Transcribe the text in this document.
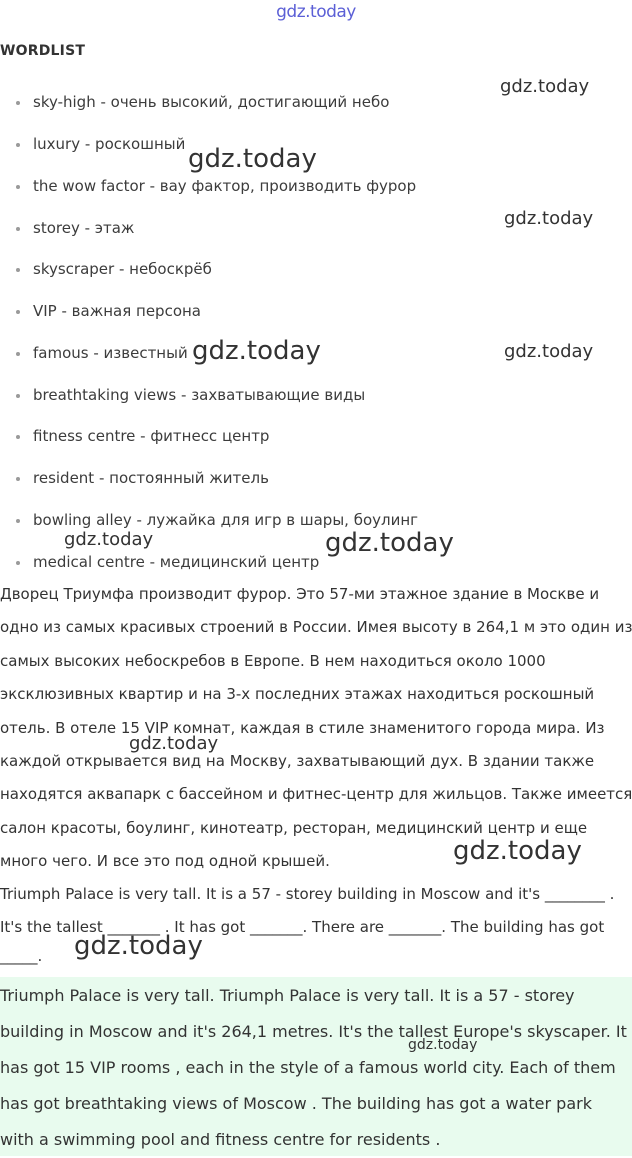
gdz.today
WORDLIST
sky-high - очень высокий, достигающий небо
luxury - роскошный
the wow factor - вау фактор, производить фурор
storey - этаж
skyscraper - небоскрёб
VIP - важная персона
famous - известный
breathtaking views - захватывающие виды
fitness centre - фитнесс центр
resident - постоянный житель
bowling alley - лужайка для игр в шары, боулинг
medical centre - медицинский центр
Дворец Триумфа производит фурор. Это 57-ми этажное здание в Москве и
одно из самых красивых строений в России. Имея высоту в 264,1 м это один из
самых высоких небоскребов в Европе. В нем находиться около 1000
эксклюзивных квартир и на 3-х последних этажах находиться роскошный
отель. В отеле 15 VIP комнат, каждая в стиле знаменитого города мира. Из
каждой открывается вид на Москву, захватывающий дух. В здании также
находятся аквапарк с бассейном и фитнес-центр для жильцов. Также имеется
салон красоты, боулинг, кинотеатр, ресторан, медицинский центр и еще
много чего. И все это под одной крышей.
Triumph Palace is very tall. It is a 57 - storey building in Moscow and it's ________ .
It's the tallest _______ . It has got _______. There are _______. The building has got
_____.

Triumph Palace is very tall. Triumph Palace is very tall. It is a 57 - storey
building in Moscow and it's 264,1 metres. It's the tallest Europe's skyscaper. It
has got 15 VIP rooms , each in the style of a famous world city. Each of them
has got breathtaking views of Moscow . The building has got a water park
with a swimming pool and fitness centre for residents .

gdz.today
gdz.today
gdz.today
gdz.today	gdz.today
gdz.today	gdz.today
gdz.today
gdz.today
gdz.today
gdz.today
